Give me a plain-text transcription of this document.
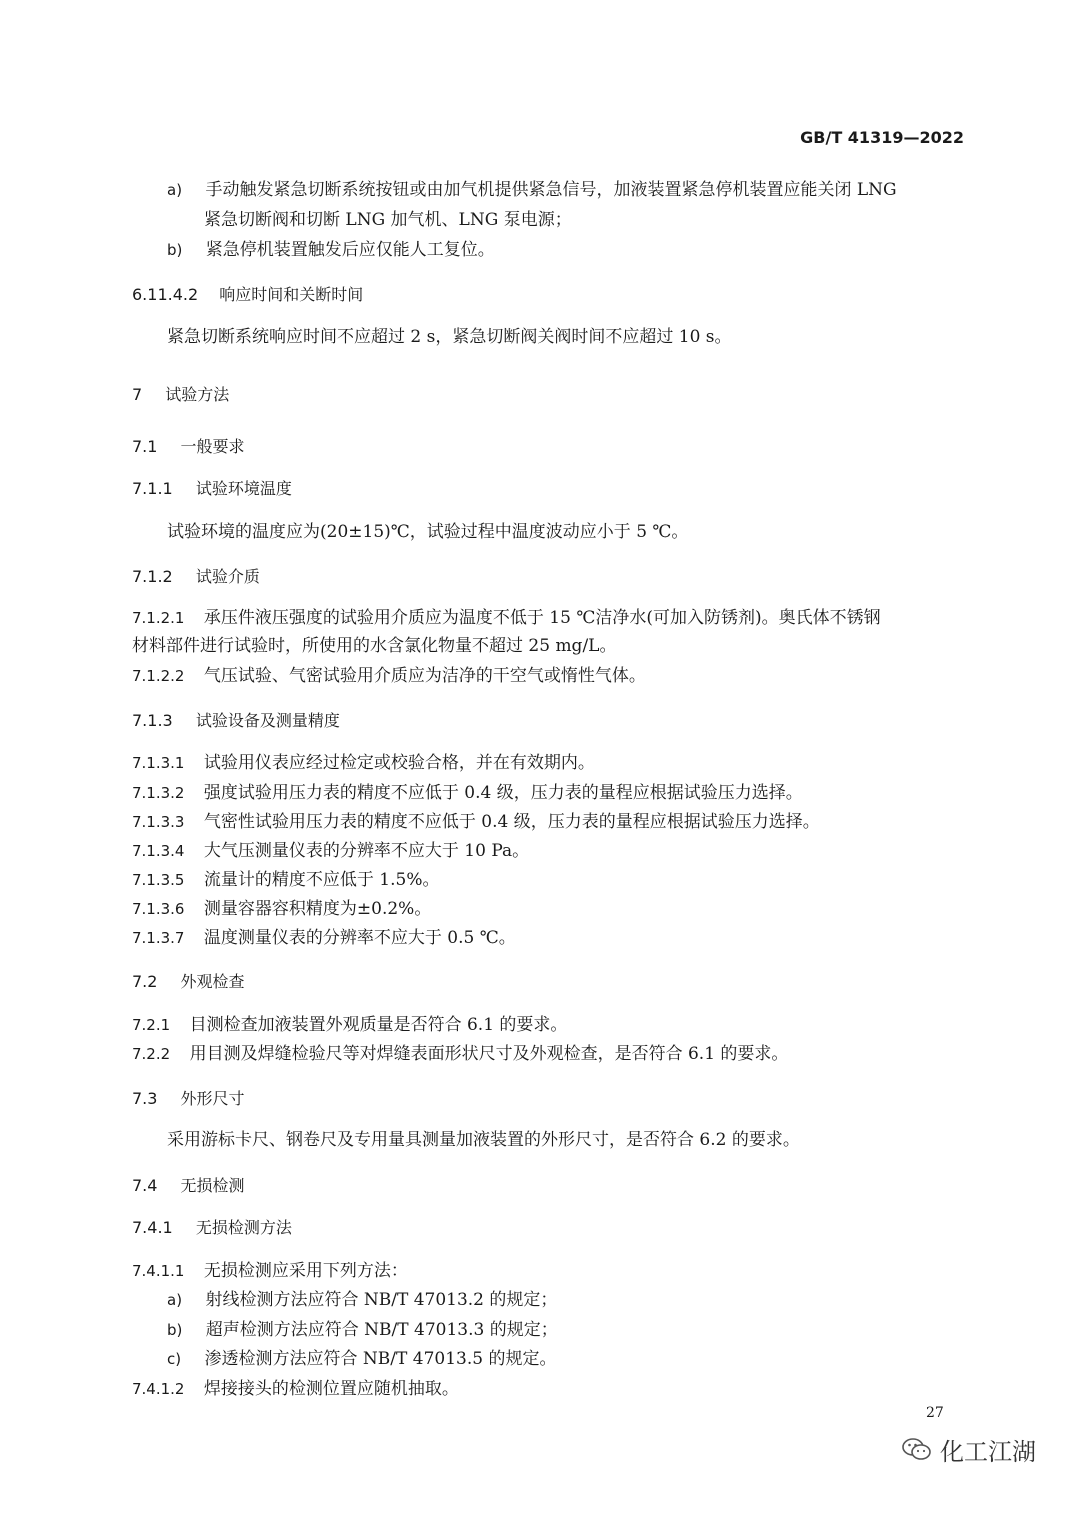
GB/T 41319—2022
a) 手动触发紧急切断系统按钮或由加气机提供紧急信号，加液装置紧急停机装置应能关闭 LNG
紧急切断阀和切断 LNG 加气机、LNG 泵电源；
b) 紧急停机装置触发后应仅能人工复位。
6.11.4.2 响应时间和关断时间
紧急切断系统响应时间不应超过 2 s，紧急切断阀关阀时间不应超过 10 s。
7 试验方法
7.1 一般要求
7.1.1 试验环境温度
试验环境的温度应为(20±15)℃，试验过程中温度波动应小于 5 ℃。
7.1.2 试验介质
7.1.2.1 承压件液压强度的试验用介质应为温度不低于 15 ℃洁净水(可加入防锈剂)。奥氏体不锈钢
材料部件进行试验时，所使用的水含氯化物量不超过 25 mg/L。
7.1.2.2 气压试验、气密试验用介质应为洁净的干空气或惰性气体。
7.1.3 试验设备及测量精度
7.1.3.1 试验用仪表应经过检定或校验合格，并在有效期内。
7.1.3.2 强度试验用压力表的精度不应低于 0.4 级，压力表的量程应根据试验压力选择。
7.1.3.3 气密性试验用压力表的精度不应低于 0.4 级，压力表的量程应根据试验压力选择。
7.1.3.4 大气压测量仪表的分辨率不应大于 10 Pa。
7.1.3.5 流量计的精度不应低于 1.5%。
7.1.3.6 测量容器容积精度为±0.2%。
7.1.3.7 温度测量仪表的分辨率不应大于 0.5 ℃。
7.2 外观检查
7.2.1 目测检查加液装置外观质量是否符合 6.1 的要求。
7.2.2 用目测及焊缝检验尺等对焊缝表面形状尺寸及外观检查，是否符合 6.1 的要求。
7.3 外形尺寸
采用游标卡尺、钢卷尺及专用量具测量加液装置的外形尺寸，是否符合 6.2 的要求。
7.4 无损检测
7.4.1 无损检测方法
7.4.1.1 无损检测应采用下列方法：
a) 射线检测方法应符合 NB/T 47013.2 的规定；
b) 超声检测方法应符合 NB/T 47013.3 的规定；
c) 渗透检测方法应符合 NB/T 47013.5 的规定。
7.4.1.2 焊接接头的检测位置应随机抽取。
27
化工江湖
